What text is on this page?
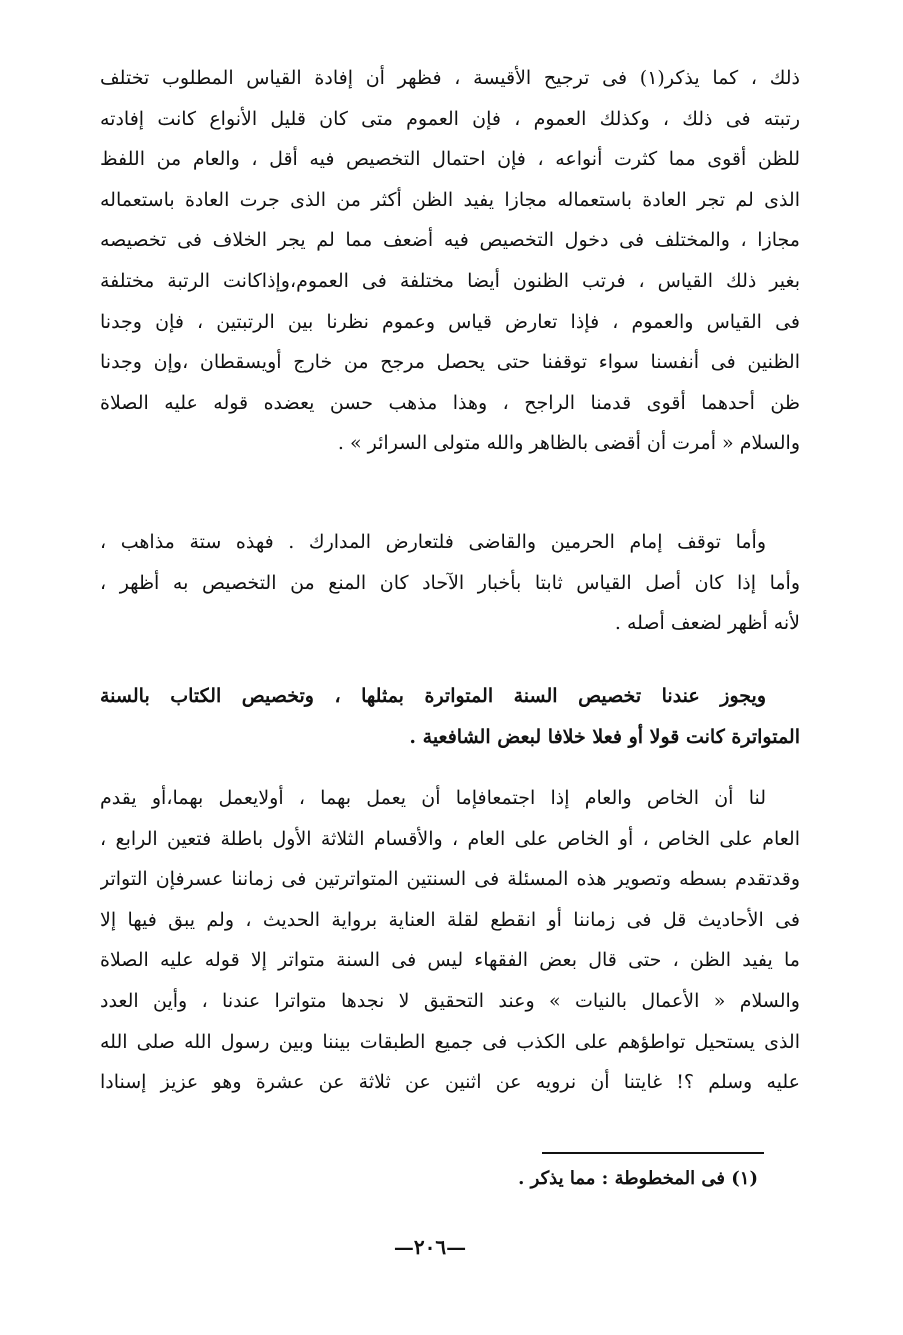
ذلك ، كما يذكر(١) فى ترجيح الأقيسة ، فظهر أن إفادة القياس المطلوب تختلف
رتبته فى ذلك ، وكذلك العموم ، فإن العموم متى كان قليل الأنواع كانت إفادته
للظن أقوى مما كثرت أنواعه ، فإن احتمال التخصيص فيه أقل ، والعام من اللفظ
الذى لم تجر العادة باستعماله مجازا يفيد الظن أكثر من الذى جرت العادة باستعماله
مجازا ، والمختلف فى دخول التخصيص فيه أضعف مما لم يجر الخلاف فى تخصيصه
بغير ذلك القياس ، فرتب الظنون أيضا مختلفة فى العموم،وإذاكانت الرتبة مختلفة
فى القياس والعموم ، فإذا تعارض قياس وعموم نظرنا بين الرتبتين ، فإن وجدنا
الظنين فى أنفسنا سواء توقفنا حتى يحصل مرجح من خارج أويسقطان ،وإن وجدنا
ظن أحدهما أقوى قدمنا الراجح ، وهذا مذهب حسن يعضده قوله عليه الصلاة
والسلام « أمرت أن أقضى بالظاهر والله متولى السرائر » .
وأما توقف إمام الحرمين والقاضى فلتعارض المدارك . فهذه ستة مذاهب ،
وأما إذا كان أصل القياس ثابتا بأخبار الآحاد كان المنع من التخصيص به أظهر ،
لأنه أظهر لضعف أصله .
ويجوز عندنا تخصيص السنة المتواترة بمثلها ، وتخصيص الكتاب بالسنة
المتواترة كانت قولا أو فعلا خلافا لبعض الشافعية .
لنا أن الخاص والعام إذا اجتمعافإما أن يعمل بهما ، أولايعمل بهما،أو يقدم
العام على الخاص ، أو الخاص على العام ، والأقسام الثلاثة الأول باطلة فتعين الرابع ،
وقدتقدم بسطه وتصوير هذه المسئلة فى السنتين المتواترتين فى زماننا عسرفإن التواتر
فى الأحاديث قل فى زماننا أو انقطع لقلة العناية برواية الحديث ، ولم يبق فيها إلا
ما يفيد الظن ، حتى قال بعض الفقهاء ليس فى السنة متواتر إلا قوله عليه الصلاة
والسلام « الأعمال بالنيات » وعند التحقيق لا نجدها متواترا عندنا ، وأين العدد
الذى يستحيل تواطؤهم على الكذب فى جميع الطبقات بيننا وبين رسول الله صلى الله
عليه وسلم ؟! غايتنا أن نرويه عن اثنين عن ثلاثة عن عشرة وهو عزيز إسنادا
(١) فى المخطوطة : مما يذكر .
—٢٠٦—
